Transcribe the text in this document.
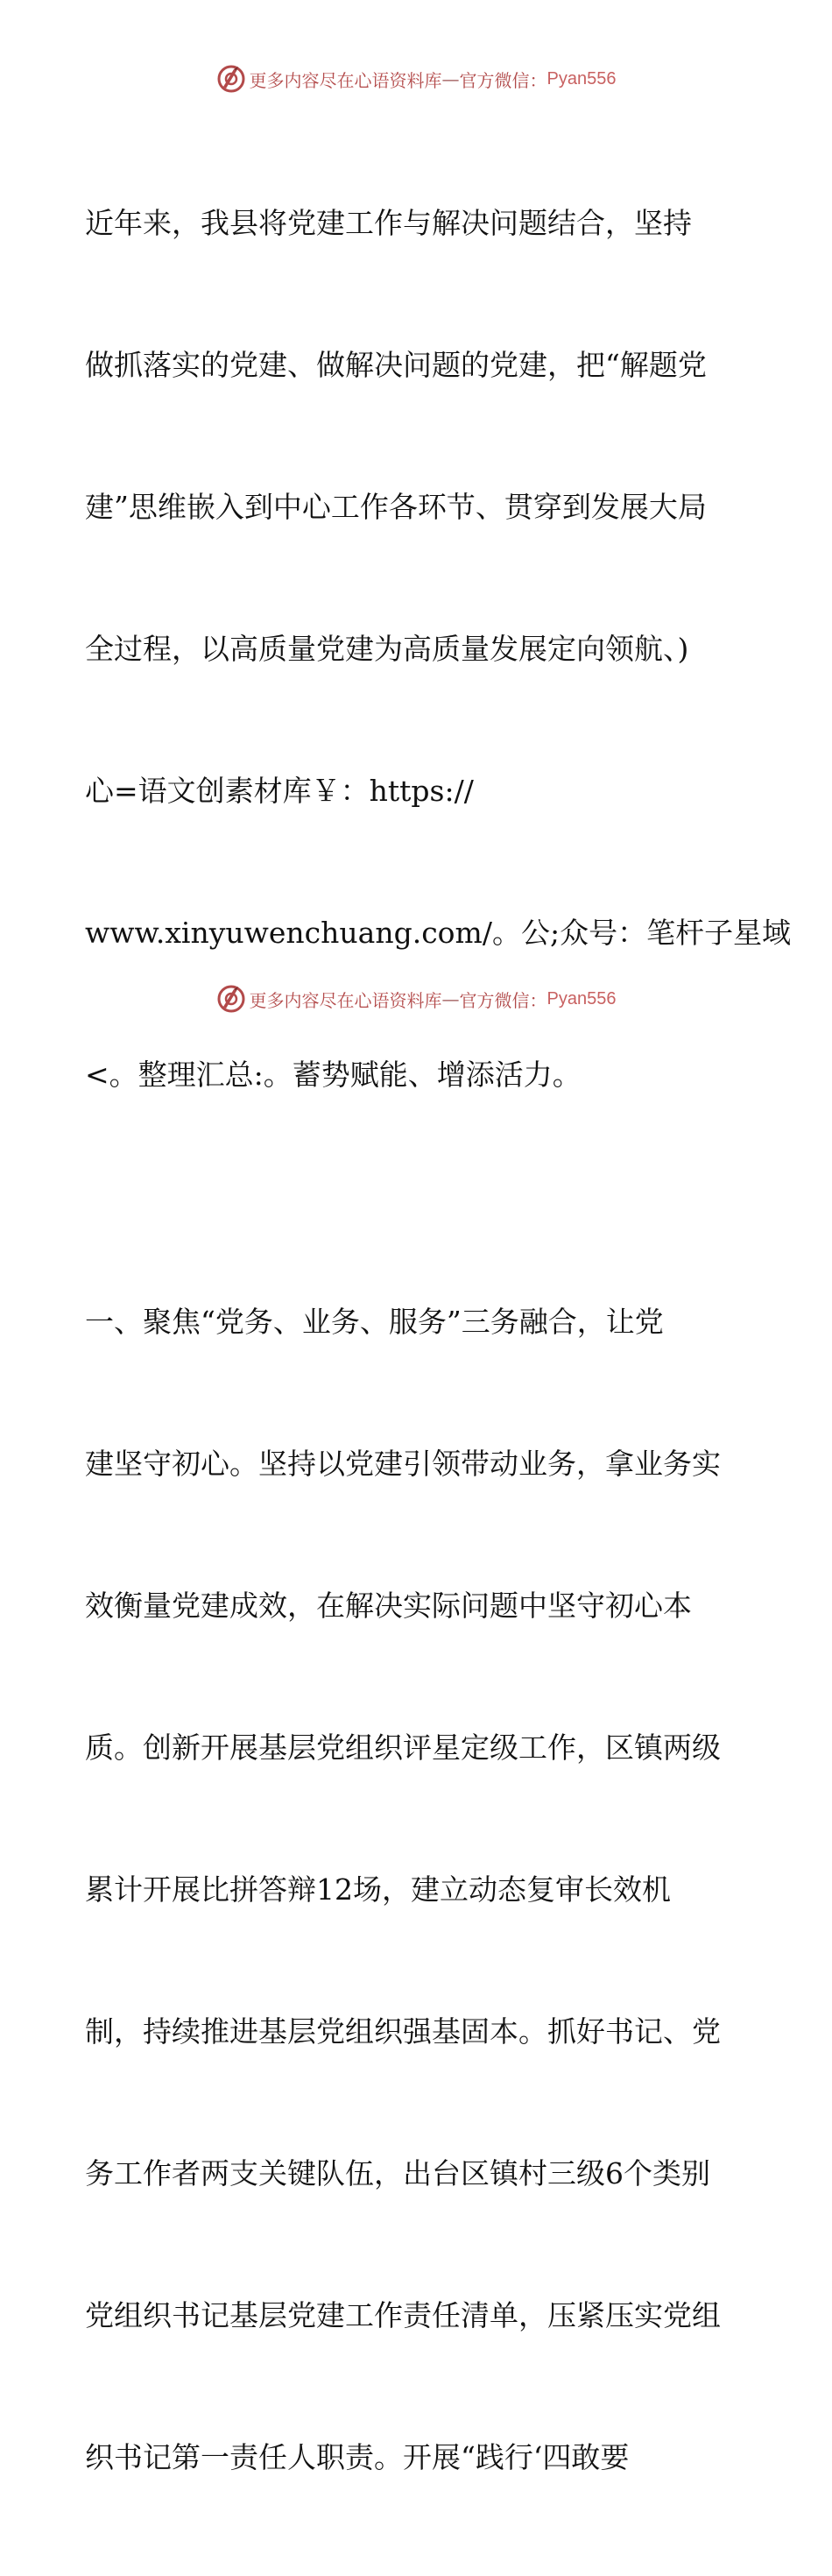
更多内容尽在心语资料库 — 官方微信： Pyan556

近年来，我县将党建工作与解决问题结合，坚持

做抓落实的党建、做解决问题的党建，把“解题党

建”思维嵌入到中心工作各环节、贯穿到发展大局

全过程，以高质量党建为高质量发展定向领航、)

心=语文创素材库￥：https://

www.xinyuwenchuang.com/。公;众号：笔杆子星域

<。整理汇总:。蓄势赋能、增添活力。

一、聚焦“党务、业务、服务”三务融合，让党

建坚守初心。坚持以党建引领带动业务，拿业务实

效衡量党建成效，在解决实际问题中坚守初心本

质。创新开展基层党组织评星定级工作，区镇两级

累计开展比拼答辩12场，建立动态复审长效机

制，持续推进基层党组织强基固本。抓好书记、党

务工作者两支关键队伍，出台区镇村三级6个类别

党组织书记基层党建工作责任清单，压紧压实党组

织书记第一责任人职责。开展“践行‘四敢要

更多内容尽在心语资料库 — 官方微信： Pyan556
